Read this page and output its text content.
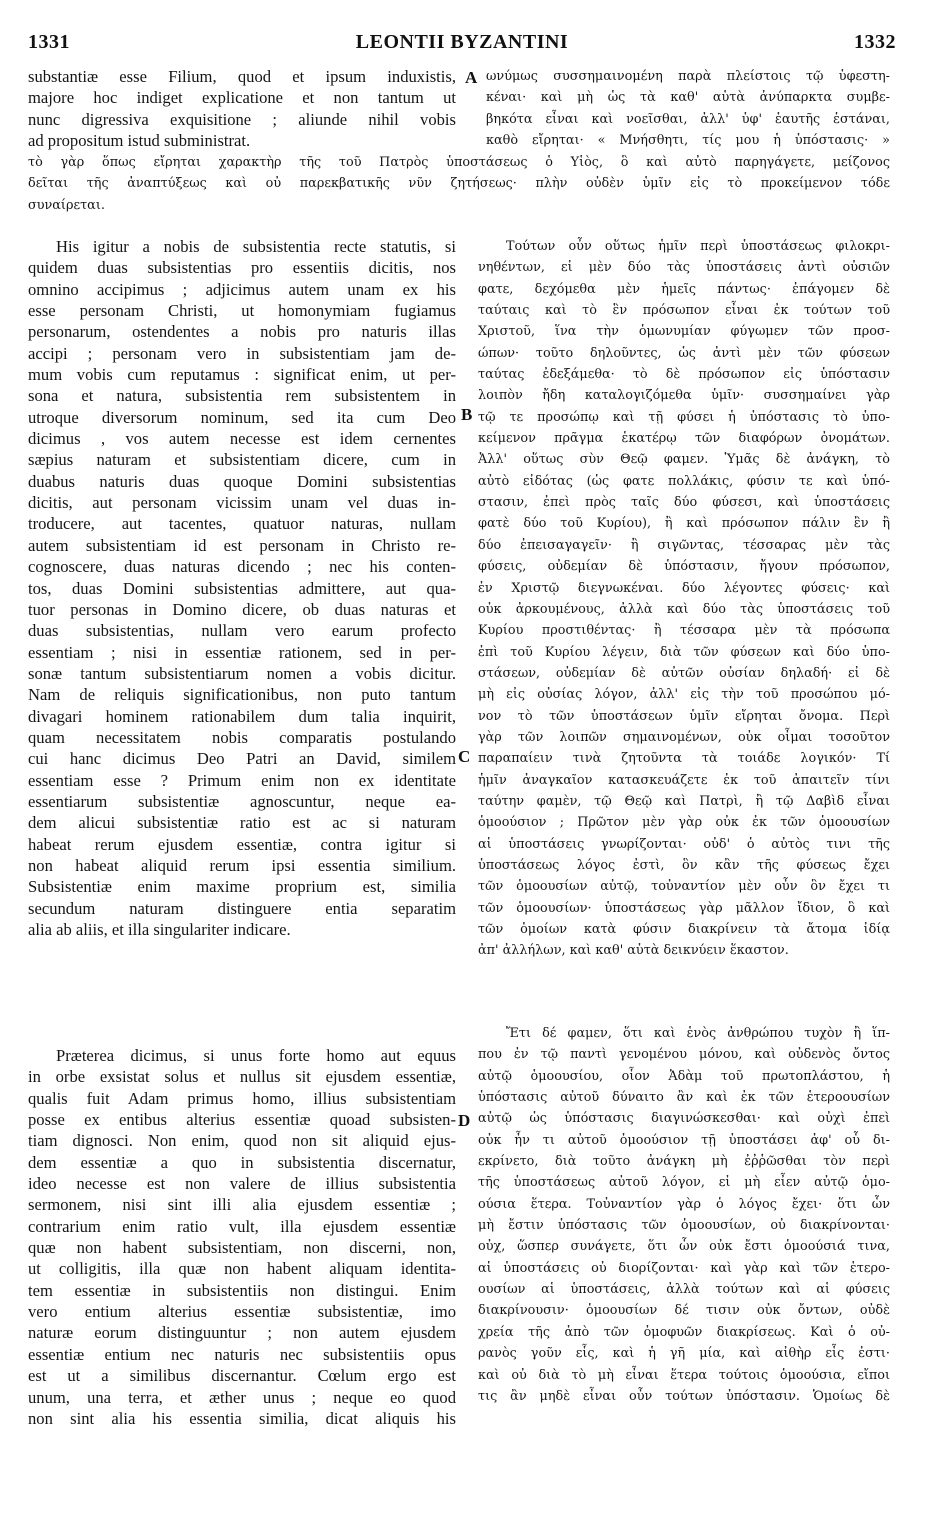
1331	LEONTII BYZANTINI	1332
substantiæ esse Filium, quod et ipsum induxistis,
majore hoc indiget explicatione et non tantum ut
nunc digressiva exquisitione ; aliunde nihil vobis
ad propositum istud subministrat.
ωνύμως συσσημαινομένη παρὰ πλείστοις τῷ ὑφεστη-
κέναι· καὶ μὴ ὡς τὰ καθ' αὑτὰ ἀνύπαρκτα συμβε-
βηκότα εἶναι καὶ νοεῖσθαι, ἀλλ' ὑφ' ἑαυτῆς ἑστάναι,
καθὸ εἴρηται· « Μνήσθητι, τίς μου ἡ ὑπόστασις· »
τὸ γὰρ ὅπως εἴρηται χαρακτὴρ τῆς τοῦ Πατρὸς ὑποστάσεως ὁ Υἱὸς, ὃ καὶ αὐτὸ παρηγάγετε, μείζονος
δεῖται τῆς ἀναπτύξεως καὶ οὐ παρεκβατικῆς νῦν ζητήσεως· πλὴν οὐδὲν ὑμῖν εἰς τὸ προκείμενον τόδε
συναίρεται.
His igitur a nobis de subsistentia recte statutis, si
quidem duas subsistentias pro essentiis dicitis, nos
omnino accipimus ; adjicimus autem unam ex his
esse personam Christi, ut homonymiam fugiamus
personarum, ostendentes a nobis pro naturis illas
accipi ; personam vero in subsistentiam jam de-
mum vobis cum reputamus : significat enim, ut per-
sona et natura, subsistentia rem subsistentem in
utroque diversorum nominum, sed ita cum Deo
dicimus , vos autem necesse est idem cernentes
sæpius naturam et subsistentiam dicere, cum in
duabus naturis duas quoque Domini subsistentias
dicitis, aut personam vicissim unam vel duas in-
troducere, aut tacentes, quatuor naturas, nullam
autem subsistentiam id est personam in Christo re-
cognoscere, duas naturas dicendo ; nec his conten-
tos, duas Domini subsistentias admittere, aut qua-
tuor personas in Domino dicere, ob duas naturas et
duas subsistentias, nullam vero earum profecto
essentiam ; nisi in essentiæ rationem, sed in per-
sonæ tantum subsistentiarum nomen a vobis dicitur.
Nam de reliquis significationibus, non puto tantum
divagari hominem rationabilem dum talia inquirit,
quam necessitatem nobis comparatis postulando
cui hanc dicimus Deo Patri an David, similem
essentiam esse ? Primum enim non ex identitate
essentiarum subsistentiæ agnoscuntur, neque ea-
dem alicui subsistentiæ ratio est ac si naturam
habeat rerum ejusdem essentiæ, contra igitur si
non habeat aliquid rerum ipsi essentia similium.
Subsistentiæ enim maxime proprium est, similia
secundum naturam distinguere entia separatim
alia ab aliis, et illa singulariter indicare.
Præterea dicimus, si unus forte homo aut equus
in orbe exsistat solus et nullus sit ejusdem essentiæ,
qualis fuit Adam primus homo, illius subsistentiam
posse ex entibus alterius essentiæ quoad subsisten-
tiam dignosci. Non enim, quod non sit aliquid ejus-
dem essentiæ a quo in subsistentia discernatur,
ideo necesse est non valere de illius subsistentia
sermonem, nisi sint illi alia ejusdem essentiæ ;
contrarium enim ratio vult, illa ejusdem essentiæ
quæ non habent subsistentiam, non discerni, non,
ut colligitis, illa quæ non habent aliquam identita-
tem essentiæ in subsistentiis non distingui. Enim
vero entium alterius essentiæ subsistentiæ, imo
naturæ eorum distinguuntur ; non autem ejusdem
essentiæ entium nec naturis nec subsistentiis opus
est ut a similibus discernantur. Cœlum ergo est
unum, una terra, et æther unus ; neque eo quod
non sint alia his essentia similia, dicat aliquis his
Τούτων οὖν οὕτως ἡμῖν περὶ ὑποστάσεως φιλοκρι-
νηθέντων, εἰ μὲν δύο τὰς ὑποστάσεις ἀντὶ οὐσιῶν
φατε, δεχόμεθα μὲν ἡμεῖς πάντως· ἐπάγομεν δὲ
ταύταις καὶ τὸ ἓν πρόσωπον εἶναι ἐκ τούτων τοῦ
Χριστοῦ, ἵνα τὴν ὁμωνυμίαν φύγωμεν τῶν προσ-
ώπων· τοῦτο δηλοῦντες, ὡς ἀντὶ μὲν τῶν φύσεων
ταύτας ἐδεξάμεθα· τὸ δὲ πρόσωπον εἰς ὑπόστασιν
λοιπὸν ἤδη καταλογιζόμεθα ὑμῖν· συσσημαίνει γὰρ
τῷ τε προσώπῳ καὶ τῇ φύσει ἡ ὑπόστασις τὸ ὑπο-
κείμενον πρᾶγμα ἑκατέρῳ τῶν διαφόρων ὀνομάτων.
Ἀλλ' οὕτως σὺν Θεῷ φαμεν. Ὑμᾶς δὲ ἀνάγκη, τὸ
αὐτὸ εἰδότας (ὡς φατε πολλάκις, φύσιν τε καὶ ὑπό-
στασιν, ἐπεὶ πρὸς ταῖς δύο φύσεσι, καὶ ὑποστάσεις
φατὲ δύο τοῦ Κυρίου), ἢ καὶ πρόσωπον πάλιν ἓν ἢ
δύο ἐπεισαγαγεῖν· ἢ σιγῶντας, τέσσαρας μὲν τὰς
φύσεις, οὐδεμίαν δὲ ὑπόστασιν, ἤγουν πρόσωπον,
ἐν Χριστῷ διεγνωκέναι. δύο λέγοντες φύσεις· καὶ
οὐκ ἀρκουμένους, ἀλλὰ καὶ δύο τὰς ὑποστάσεις τοῦ
Κυρίου προστιθέντας· ἢ τέσσαρα μὲν τὰ πρόσωπα
ἐπὶ τοῦ Κυρίου λέγειν, διὰ τῶν φύσεων καὶ δύο ὑπο-
στάσεων, οὐδεμίαν δὲ αὐτῶν οὐσίαν δηλαδή· εἰ δὲ
μὴ εἰς οὐσίας λόγον, ἀλλ' εἰς τὴν τοῦ προσώπου μό-
νον τὸ τῶν ὑποστάσεων ὑμῖν εἴρηται ὄνομα. Περὶ
γὰρ τῶν λοιπῶν σημαινομένων, οὐκ οἶμαι τοσοῦτον
παραπαίειν τινὰ ζητοῦντα τὰ τοιάδε λογικόν· Τί
ἡμῖν ἀναγκαῖον κατασκευάζετε ἐκ τοῦ ἀπαιτεῖν τίνι
ταύτην φαμὲν, τῷ Θεῷ καὶ Πατρὶ, ἢ τῷ Δαβὶδ εἶναι
ὁμοούσιον ; Πρῶτον μὲν γὰρ οὐκ ἐκ τῶν ὁμοουσίων
αἱ ὑποστάσεις γνωρίζονται· οὐδ' ὁ αὐτὸς τινι τῆς
ὑποστάσεως λόγος ἐστὶ, ὃν κἂν τῆς φύσεως ἔχει
τῶν ὁμοουσίων αὐτῷ, τοὐναντίον μὲν οὖν ὃν ἔχει τι
τῶν ὁμοουσίων· ὑποστάσεως γὰρ μᾶλλον ἴδιον, ὃ καὶ
τῶν ὁμοίων κατὰ φύσιν διακρίνειν τὰ ἄτομα ἰδίᾳ
ἀπ' ἀλλήλων, καὶ καθ' αὑτὰ δεικνύειν ἕκαστον.
Ἔτι δέ φαμεν, ὅτι καὶ ἑνὸς ἀνθρώπου τυχὸν ἢ ἵπ-
που ἐν τῷ παντὶ γενομένου μόνου, καὶ οὐδενὸς ὄντος
αὐτῷ ὁμοουσίου, οἷον Ἀδὰμ τοῦ πρωτοπλάστου, ἡ
ὑπόστασις αὐτοῦ δύναιτο ἂν καὶ ἐκ τῶν ἑτεροουσίων
αὐτῷ ὡς ὑπόστασις διαγινώσκεσθαι· καὶ οὐχὶ ἐπεὶ
οὐκ ἦν τι αὐτοῦ ὁμοούσιον τῇ ὑποστάσει ἀφ' οὗ δι-
εκρίνετο, διὰ τοῦτο ἀνάγκη μὴ ἐῤῥῶσθαι τὸν περὶ
τῆς ὑποστάσεως αὐτοῦ λόγον, εἰ μὴ εἶεν αὐτῷ ὁμο-
ούσια ἕτερα. Τοὐναντίον γὰρ ὁ λόγος ἔχει· ὅτι ὧν
μὴ ἔστιν ὑπόστασις τῶν ὁμοουσίων, οὐ διακρίνονται·
οὐχ, ὥσπερ συνάγετε, ὅτι ὧν οὐκ ἔστι ὁμοούσιά τινα,
αἱ ὑποστάσεις οὐ διορίζονται· καὶ γὰρ καὶ τῶν ἑτερο-
ουσίων αἱ ὑποστάσεις, ἀλλὰ τούτων καὶ αἱ φύσεις
διακρίνουσιν· ὁμοουσίων δέ τισιν οὐκ ὄντων, οὐδὲ
χρεία τῆς ἀπὸ τῶν ὁμοφυῶν διακρίσεως. Καὶ ὁ οὐ-
ρανὸς γοῦν εἷς, καὶ ἡ γῆ μία, καὶ αἰθὴρ εἷς ἐστι·
καὶ οὐ διὰ τὸ μὴ εἶναι ἕτερα τούτοις ὁμοούσια, εἴποι
τις ἂν μηδὲ εἶναι οὖν τούτων ὑπόστασιν. Ὁμοίως δὲ
A
B
C
D
